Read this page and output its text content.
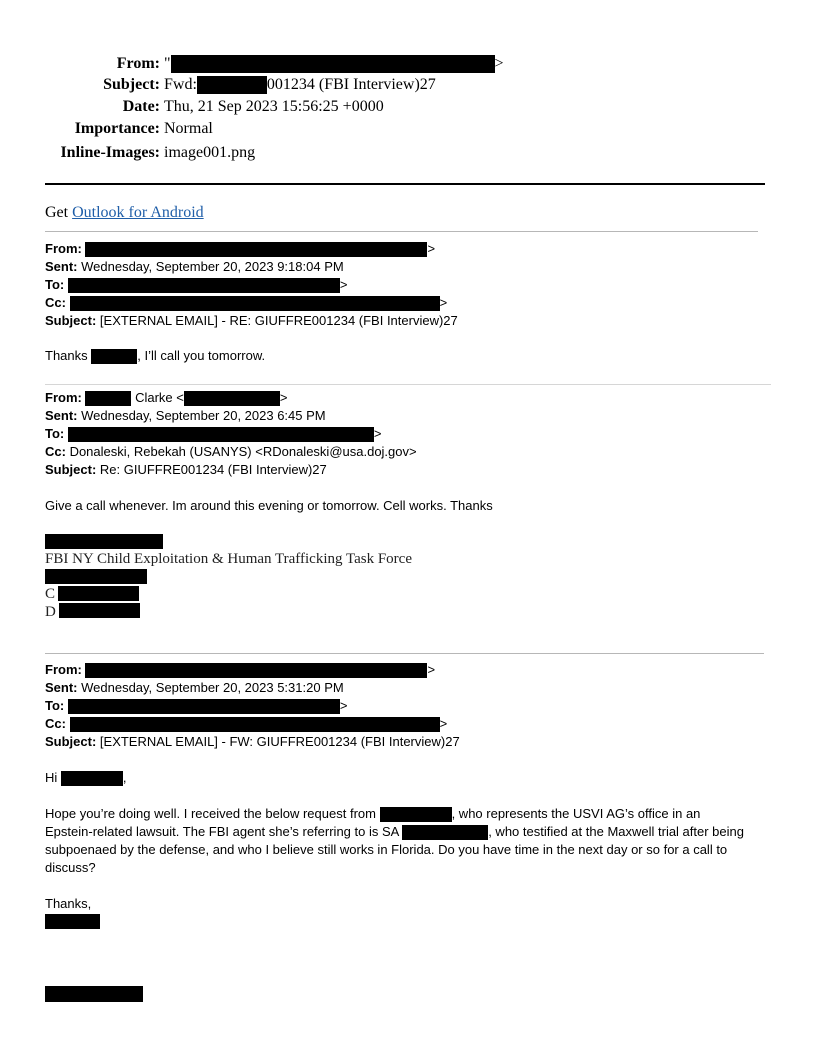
From: "	>
Subject: Fwd:	001234 (FBI Interview)27
Date: Thu, 21 Sep 2023 15:56:25 +0000
Importance: Normal
Inline-Images: image001.png
Get Outlook for Android
From:	>
Sent: Wednesday, September 20, 2023 9:18:04 PM
To:	>
Cc:	>
Subject: [EXTERNAL EMAIL] - RE: GIUFFRE001234 (FBI Interview)27
Thanks	, I’ll call you tomorrow.
From:	Clarke <	>
Sent: Wednesday, September 20, 2023 6:45 PM
To:	>
Cc: Donaleski, Rebekah (USANYS) <RDonaleski@usa.doj.gov>
Subject: Re: GIUFFRE001234 (FBI Interview)27
Give a call whenever. Im around this evening or tomorrow. Cell works. Thanks
FBI NY Child Exploitation & Human Trafficking Task Force
C
D
From:	>
Sent: Wednesday, September 20, 2023 5:31:20 PM
To:	>
Cc:	>
Subject: [EXTERNAL EMAIL] - FW: GIUFFRE001234 (FBI Interview)27
Hi	,
Hope you’re doing well. I received the below request from	, who represents the USVI AG’s office in an
Epstein-related lawsuit. The FBI agent she’s referring to is SA	, who testified at the Maxwell trial after being
subpoenaed by the defense, and who I believe still works in Florida. Do you have time in the next day or so for a call to
discuss?
Thanks,
